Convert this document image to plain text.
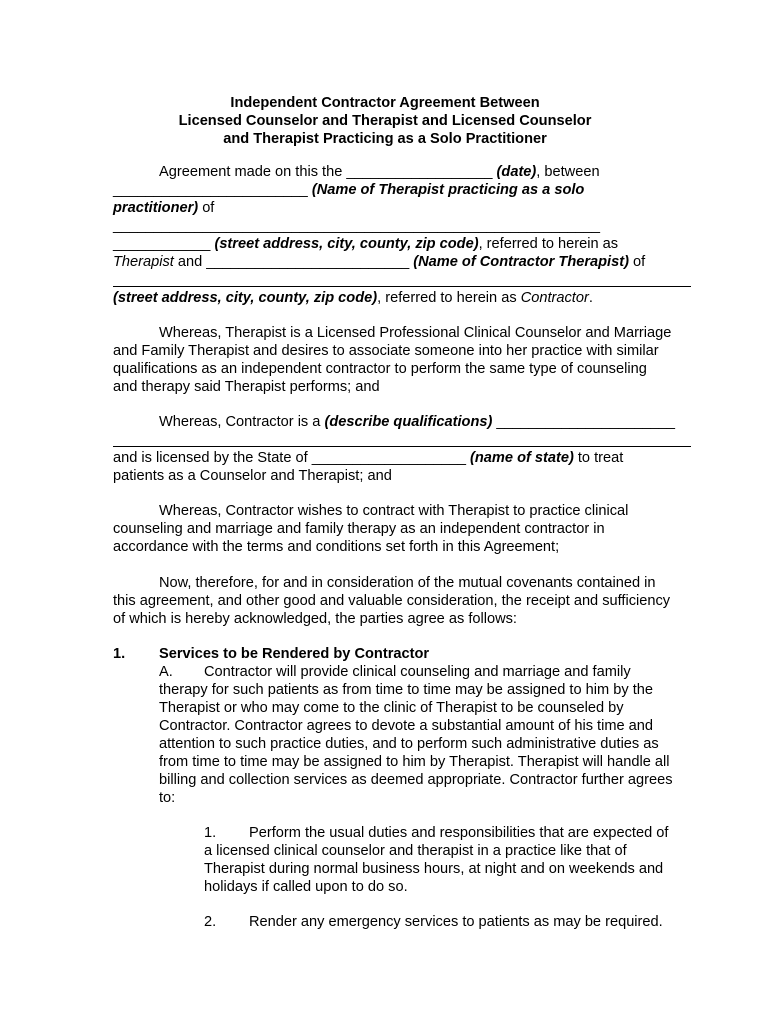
Independent Contractor Agreement Between
Licensed Counselor and Therapist and Licensed Counselor
and Therapist Practicing as a Solo Practitioner
Agreement made on this the __________________ (date), between
________________________ (Name of Therapist practicing as a solo
practitioner) of
____________________________________________________________
____________ (street address, city, county, zip code), referred to herein as
Therapist and _________________________ (Name of Contractor Therapist) of
(street address, city, county, zip code), referred to herein as Contractor.
Whereas, Therapist is a Licensed Professional Clinical Counselor and Marriage
and Family Therapist and desires to associate someone into her practice with similar
qualifications as an independent contractor to perform the same type of counseling
and therapy said Therapist performs; and
Whereas, Contractor is a (describe qualifications) ______________________
and is licensed by the State of ___________________ (name of state) to treat
patients as a Counselor and Therapist; and
Whereas, Contractor wishes to contract with Therapist to practice clinical
counseling and marriage and family therapy as an independent contractor in
accordance with the terms and conditions set forth in this Agreement;
Now, therefore, for and in consideration of the mutual covenants contained in
this agreement, and other good and valuable consideration, the receipt and sufficiency
of which is hereby acknowledged, the parties agree as follows:
1. Services to be Rendered by Contractor
A. Contractor will provide clinical counseling and marriage and family
therapy for such patients as from time to time may be assigned to him by the
Therapist or who may come to the clinic of Therapist to be counseled by
Contractor. Contractor agrees to devote a substantial amount of his time and
attention to such practice duties, and to perform such administrative duties as
from time to time may be assigned to him by Therapist. Therapist will handle all
billing and collection services as deemed appropriate. Contractor further agrees
to:
1. Perform the usual duties and responsibilities that are expected of
a licensed clinical counselor and therapist in a practice like that of
Therapist during normal business hours, at night and on weekends and
holidays if called upon to do so.
2. Render any emergency services to patients as may be required.
